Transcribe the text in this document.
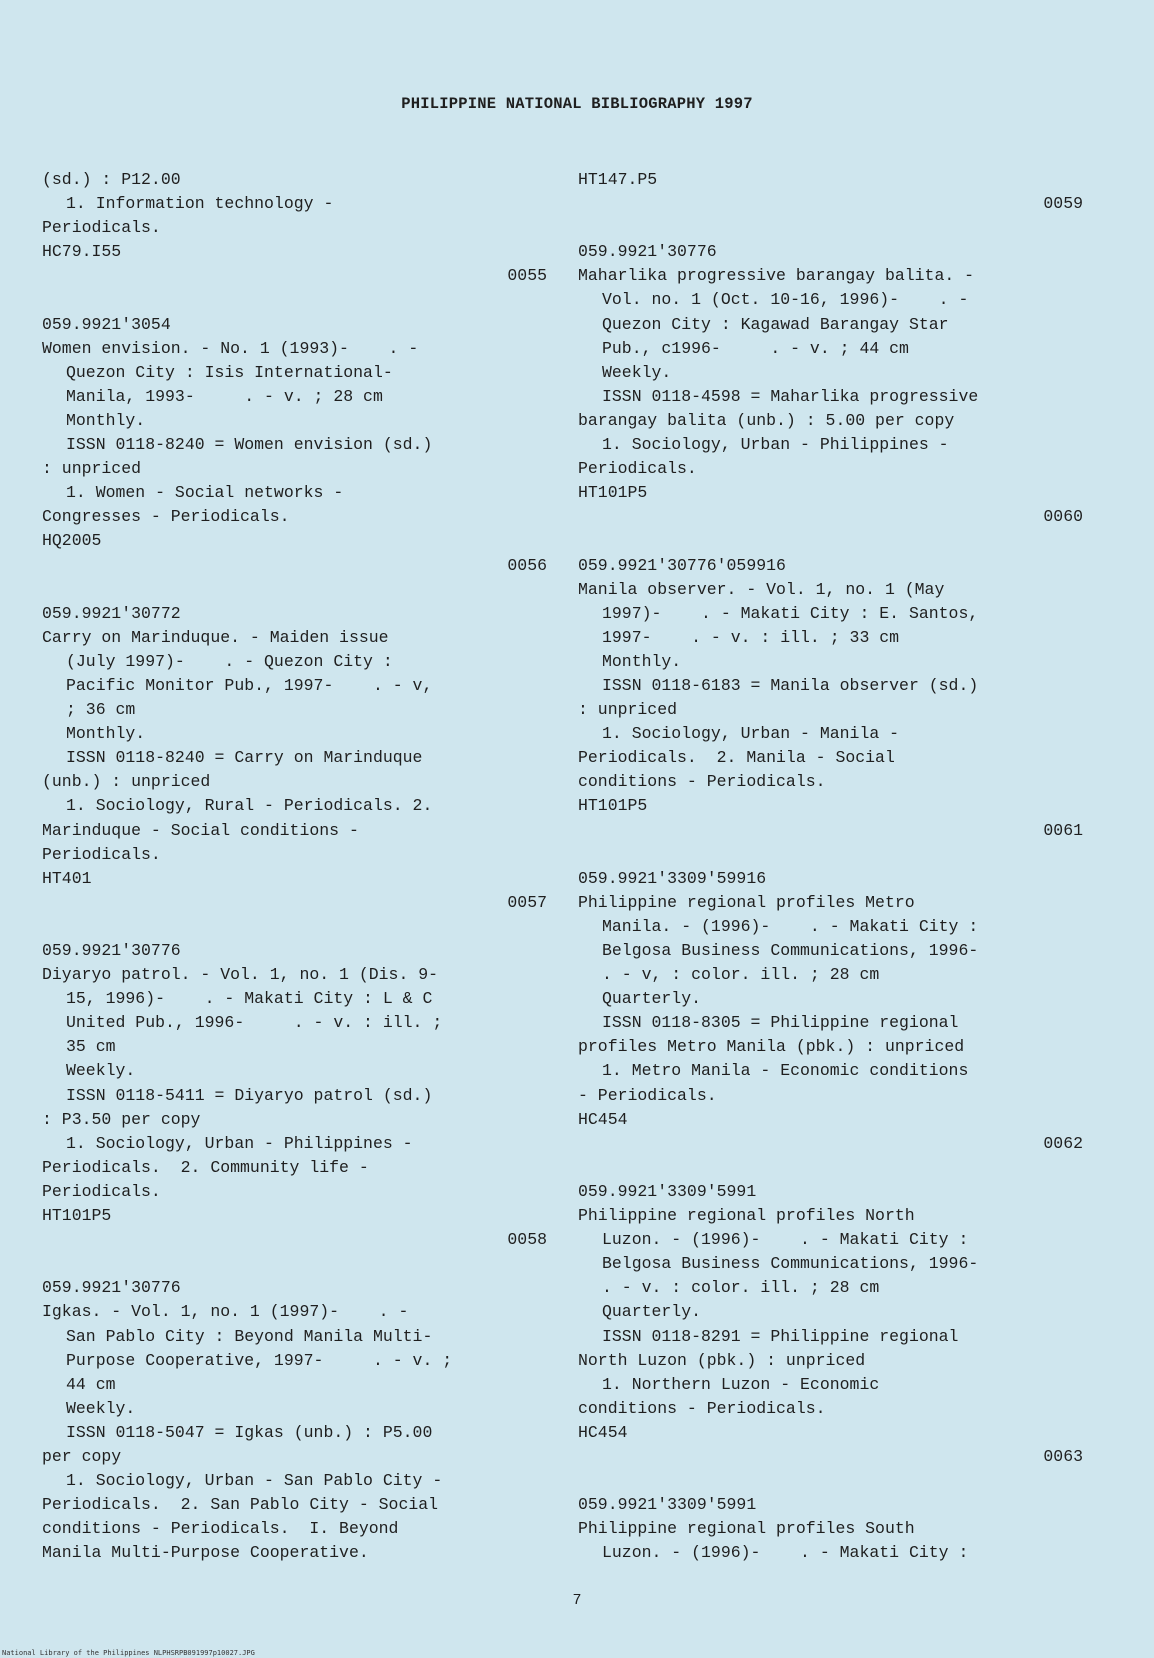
PHILIPPINE NATIONAL BIBLIOGRAPHY 1997
(sd.) : P12.00
1. Information technology -
Periodicals.
HC79.I55
0055
059.9921'3054
Women envision. - No. 1 (1993)-    . -
Quezon City : Isis International-
Manila, 1993-     . - v. ; 28 cm
Monthly.
ISSN 0118-8240 = Women envision (sd.)
: unpriced
1. Women - Social networks -
Congresses - Periodicals.
HQ2005
0056
059.9921'30772
Carry on Marinduque. - Maiden issue
(July 1997)-    . - Quezon City :
Pacific Monitor Pub., 1997-    . - v,
; 36 cm
Monthly.
ISSN 0118-8240 = Carry on Marinduque
(unb.) : unpriced
1. Sociology, Rural - Periodicals. 2.
Marinduque - Social conditions -
Periodicals.
HT401
0057
059.9921'30776
Diyaryo patrol. - Vol. 1, no. 1 (Dis. 9-
15, 1996)-    . - Makati City : L & C
United Pub., 1996-     . - v. : ill. ;
35 cm
Weekly.
ISSN 0118-5411 = Diyaryo patrol (sd.)
: P3.50 per copy
1. Sociology, Urban - Philippines -
Periodicals.  2. Community life -
Periodicals.
HT101P5
0058
059.9921'30776
Igkas. - Vol. 1, no. 1 (1997)-    . -
San Pablo City : Beyond Manila Multi-
Purpose Cooperative, 1997-     . - v. ;
44 cm
Weekly.
ISSN 0118-5047 = Igkas (unb.) : P5.00
per copy
1. Sociology, Urban - San Pablo City -
Periodicals.  2. San Pablo City - Social
conditions - Periodicals.  I. Beyond
Manila Multi-Purpose Cooperative.
HT147.P5
0059
059.9921'30776
Maharlika progressive barangay balita. -
Vol. no. 1 (Oct. 10-16, 1996)-    . -
Quezon City : Kagawad Barangay Star
Pub., c1996-     . - v. ; 44 cm
Weekly.
ISSN 0118-4598 = Maharlika progressive
barangay balita (unb.) : 5.00 per copy
1. Sociology, Urban - Philippines -
Periodicals.
HT101P5
0060
059.9921'30776'059916
Manila observer. - Vol. 1, no. 1 (May
1997)-    . - Makati City : E. Santos,
1997-    . - v. : ill. ; 33 cm
Monthly.
ISSN 0118-6183 = Manila observer (sd.)
: unpriced
1. Sociology, Urban - Manila -
Periodicals.  2. Manila - Social
conditions - Periodicals.
HT101P5
0061
059.9921'3309'59916
Philippine regional profiles Metro
Manila. - (1996)-    . - Makati City :
Belgosa Business Communications, 1996-
. - v, : color. ill. ; 28 cm
Quarterly.
ISSN 0118-8305 = Philippine regional
profiles Metro Manila (pbk.) : unpriced
1. Metro Manila - Economic conditions
- Periodicals.
HC454
0062
059.9921'3309'5991
Philippine regional profiles North
Luzon. - (1996)-    . - Makati City :
Belgosa Business Communications, 1996-
. - v. : color. ill. ; 28 cm
Quarterly.
ISSN 0118-8291 = Philippine regional
North Luzon (pbk.) : unpriced
1. Northern Luzon - Economic
conditions - Periodicals.
HC454
0063
059.9921'3309'5991
Philippine regional profiles South
Luzon. - (1996)-    . - Makati City :
7
National Library of the Philippines NLPHSRPB091997p10027.JPG
